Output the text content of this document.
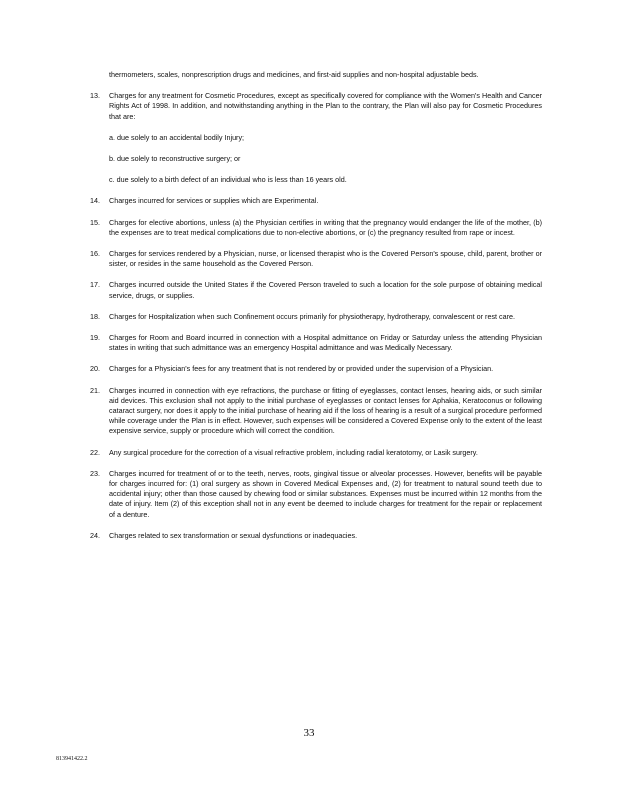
thermometers, scales, nonprescription drugs and medicines, and first-aid supplies and non-hospital adjustable beds.
13. Charges for any treatment for Cosmetic Procedures, except as specifically covered for compliance with the Women's Health and Cancer Rights Act of 1998. In addition, and notwithstanding anything in the Plan to the contrary, the Plan will also pay for Cosmetic Procedures that are:
a. due solely to an accidental bodily Injury;
b. due solely to reconstructive surgery; or
c. due solely to a birth defect of an individual who is less than 16 years old.
14. Charges incurred for services or supplies which are Experimental.
15. Charges for elective abortions, unless (a) the Physician certifies in writing that the pregnancy would endanger the life of the mother, (b) the expenses are to treat medical complications due to non-elective abortions, or (c) the pregnancy resulted from rape or incest.
16. Charges for services rendered by a Physician, nurse, or licensed therapist who is the Covered Person's spouse, child, parent, brother or sister, or resides in the same household as the Covered Person.
17. Charges incurred outside the United States if the Covered Person traveled to such a location for the sole purpose of obtaining medical service, drugs, or supplies.
18. Charges for Hospitalization when such Confinement occurs primarily for physiotherapy, hydrotherapy, convalescent or rest care.
19. Charges for Room and Board incurred in connection with a Hospital admittance on Friday or Saturday unless the attending Physician states in writing that such admittance was an emergency Hospital admittance and was Medically Necessary.
20. Charges for a Physician's fees for any treatment that is not rendered by or provided under the supervision of a Physician.
21. Charges incurred in connection with eye refractions, the purchase or fitting of eyeglasses, contact lenses, hearing aids, or such similar aid devices. This exclusion shall not apply to the initial purchase of eyeglasses or contact lenses for Aphakia, Keratoconus or following cataract surgery, nor does it apply to the initial purchase of hearing aid if the loss of hearing is a result of a surgical procedure performed while coverage under the Plan is in effect. However, such expenses will be considered a Covered Expense only to the extent of the least expensive service, supply or procedure which will correct the condition.
22. Any surgical procedure for the correction of a visual refractive problem, including radial keratotomy, or Lasik surgery.
23. Charges incurred for treatment of or to the teeth, nerves, roots, gingival tissue or alveolar processes. However, benefits will be payable for charges incurred for: (1) oral surgery as shown in Covered Medical Expenses and, (2) for treatment to natural sound teeth due to accidental injury; other than those caused by chewing food or similar substances. Expenses must be incurred within 12 months from the date of injury. Item (2) of this exception shall not in any event be deemed to include charges for treatment for the repair or replacement of a denture.
24. Charges related to sex transformation or sexual dysfunctions or inadequacies.
33
813941422.2
